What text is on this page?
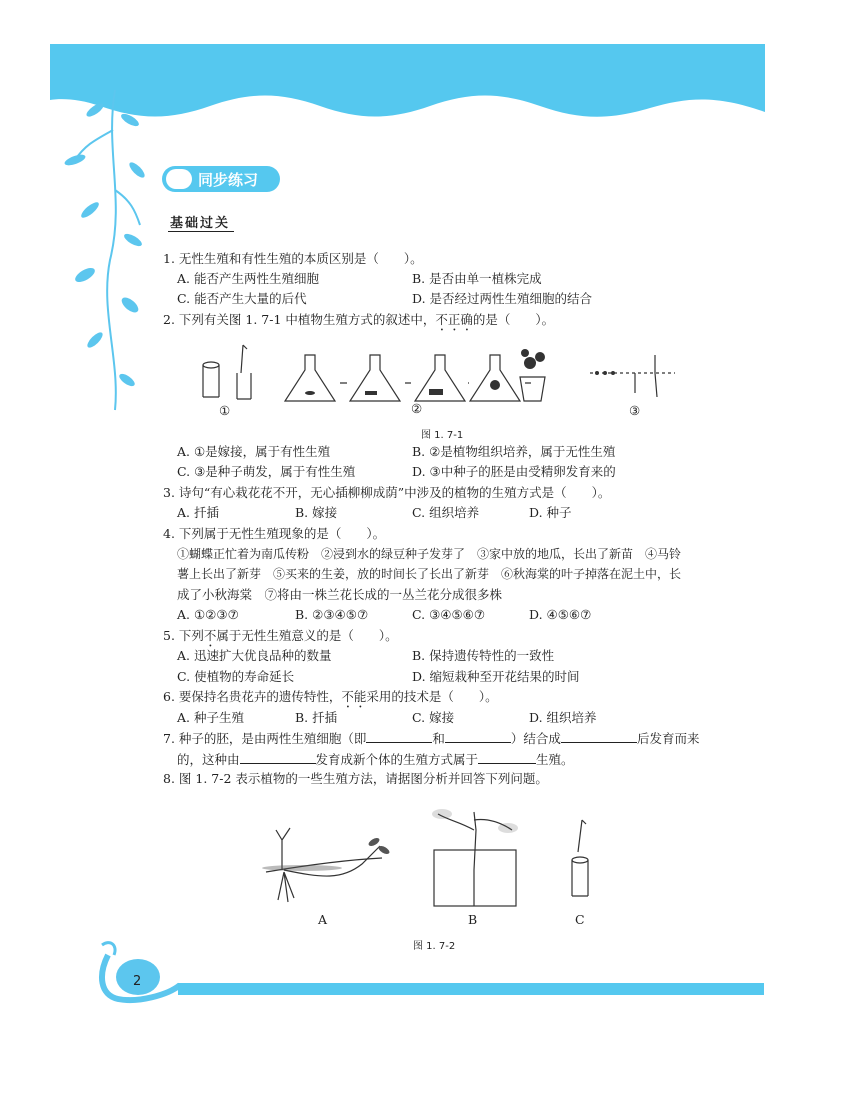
同步练习
基础过关
1. 无性生殖和有性生殖的本质区别是（　　）。
A. 能否产生两性生殖细胞	B. 是否由单一植株完成
C. 能否产生大量的后代	D. 是否经过两性生殖细胞的结合
2. 下列有关图 1. 7-1 中植物生殖方式的叙述中，不正确的是（　　）。
①	②	③
图 1. 7-1
A. ①是嫁接，属于有性生殖	B. ②是植物组织培养，属于无性生殖
C. ③是种子萌发，属于有性生殖	D. ③中种子的胚是由受精卵发育来的
3. 诗句“有心栽花花不开，无心插柳柳成荫”中涉及的植物的生殖方式是（　　）。
A. 扦插	B. 嫁接	C. 组织培养	D. 种子
4. 下列属于无性生殖现象的是（　　）。
①蝴蝶正忙着为南瓜传粉　②浸到水的绿豆种子发芽了　③家中放的地瓜，长出了新苗　④马铃
薯上长出了新芽　⑤买来的生姜，放的时间长了长出了新芽　⑥秋海棠的叶子掉落在泥土中，长
成了小秋海棠　⑦将由一株兰花长成的一丛兰花分成很多株
A. ①②③⑦	B. ②③④⑤⑦	C. ③④⑤⑥⑦	D. ④⑤⑥⑦
5. 下列不属于无性生殖意义的是（　　）。
A. 迅速扩大优良品种的数量	B. 保持遗传特性的一致性
C. 使植物的寿命延长	D. 缩短栽种至开花结果的时间
6. 要保持名贵花卉的遗传特性，不能采用的技术是（　　）。
A. 种子生殖	B. 扦插	C. 嫁接	D. 组织培养
7. 种子的胚，是由两性生殖细胞（即	和	）结合成	后发育而来
的，这种由	发育成新个体的生殖方式属于	生殖。
8. 图 1. 7-2 表示植物的一些生殖方法，请据图分析并回答下列问题。
A	B	C
图 1. 7-2
2
